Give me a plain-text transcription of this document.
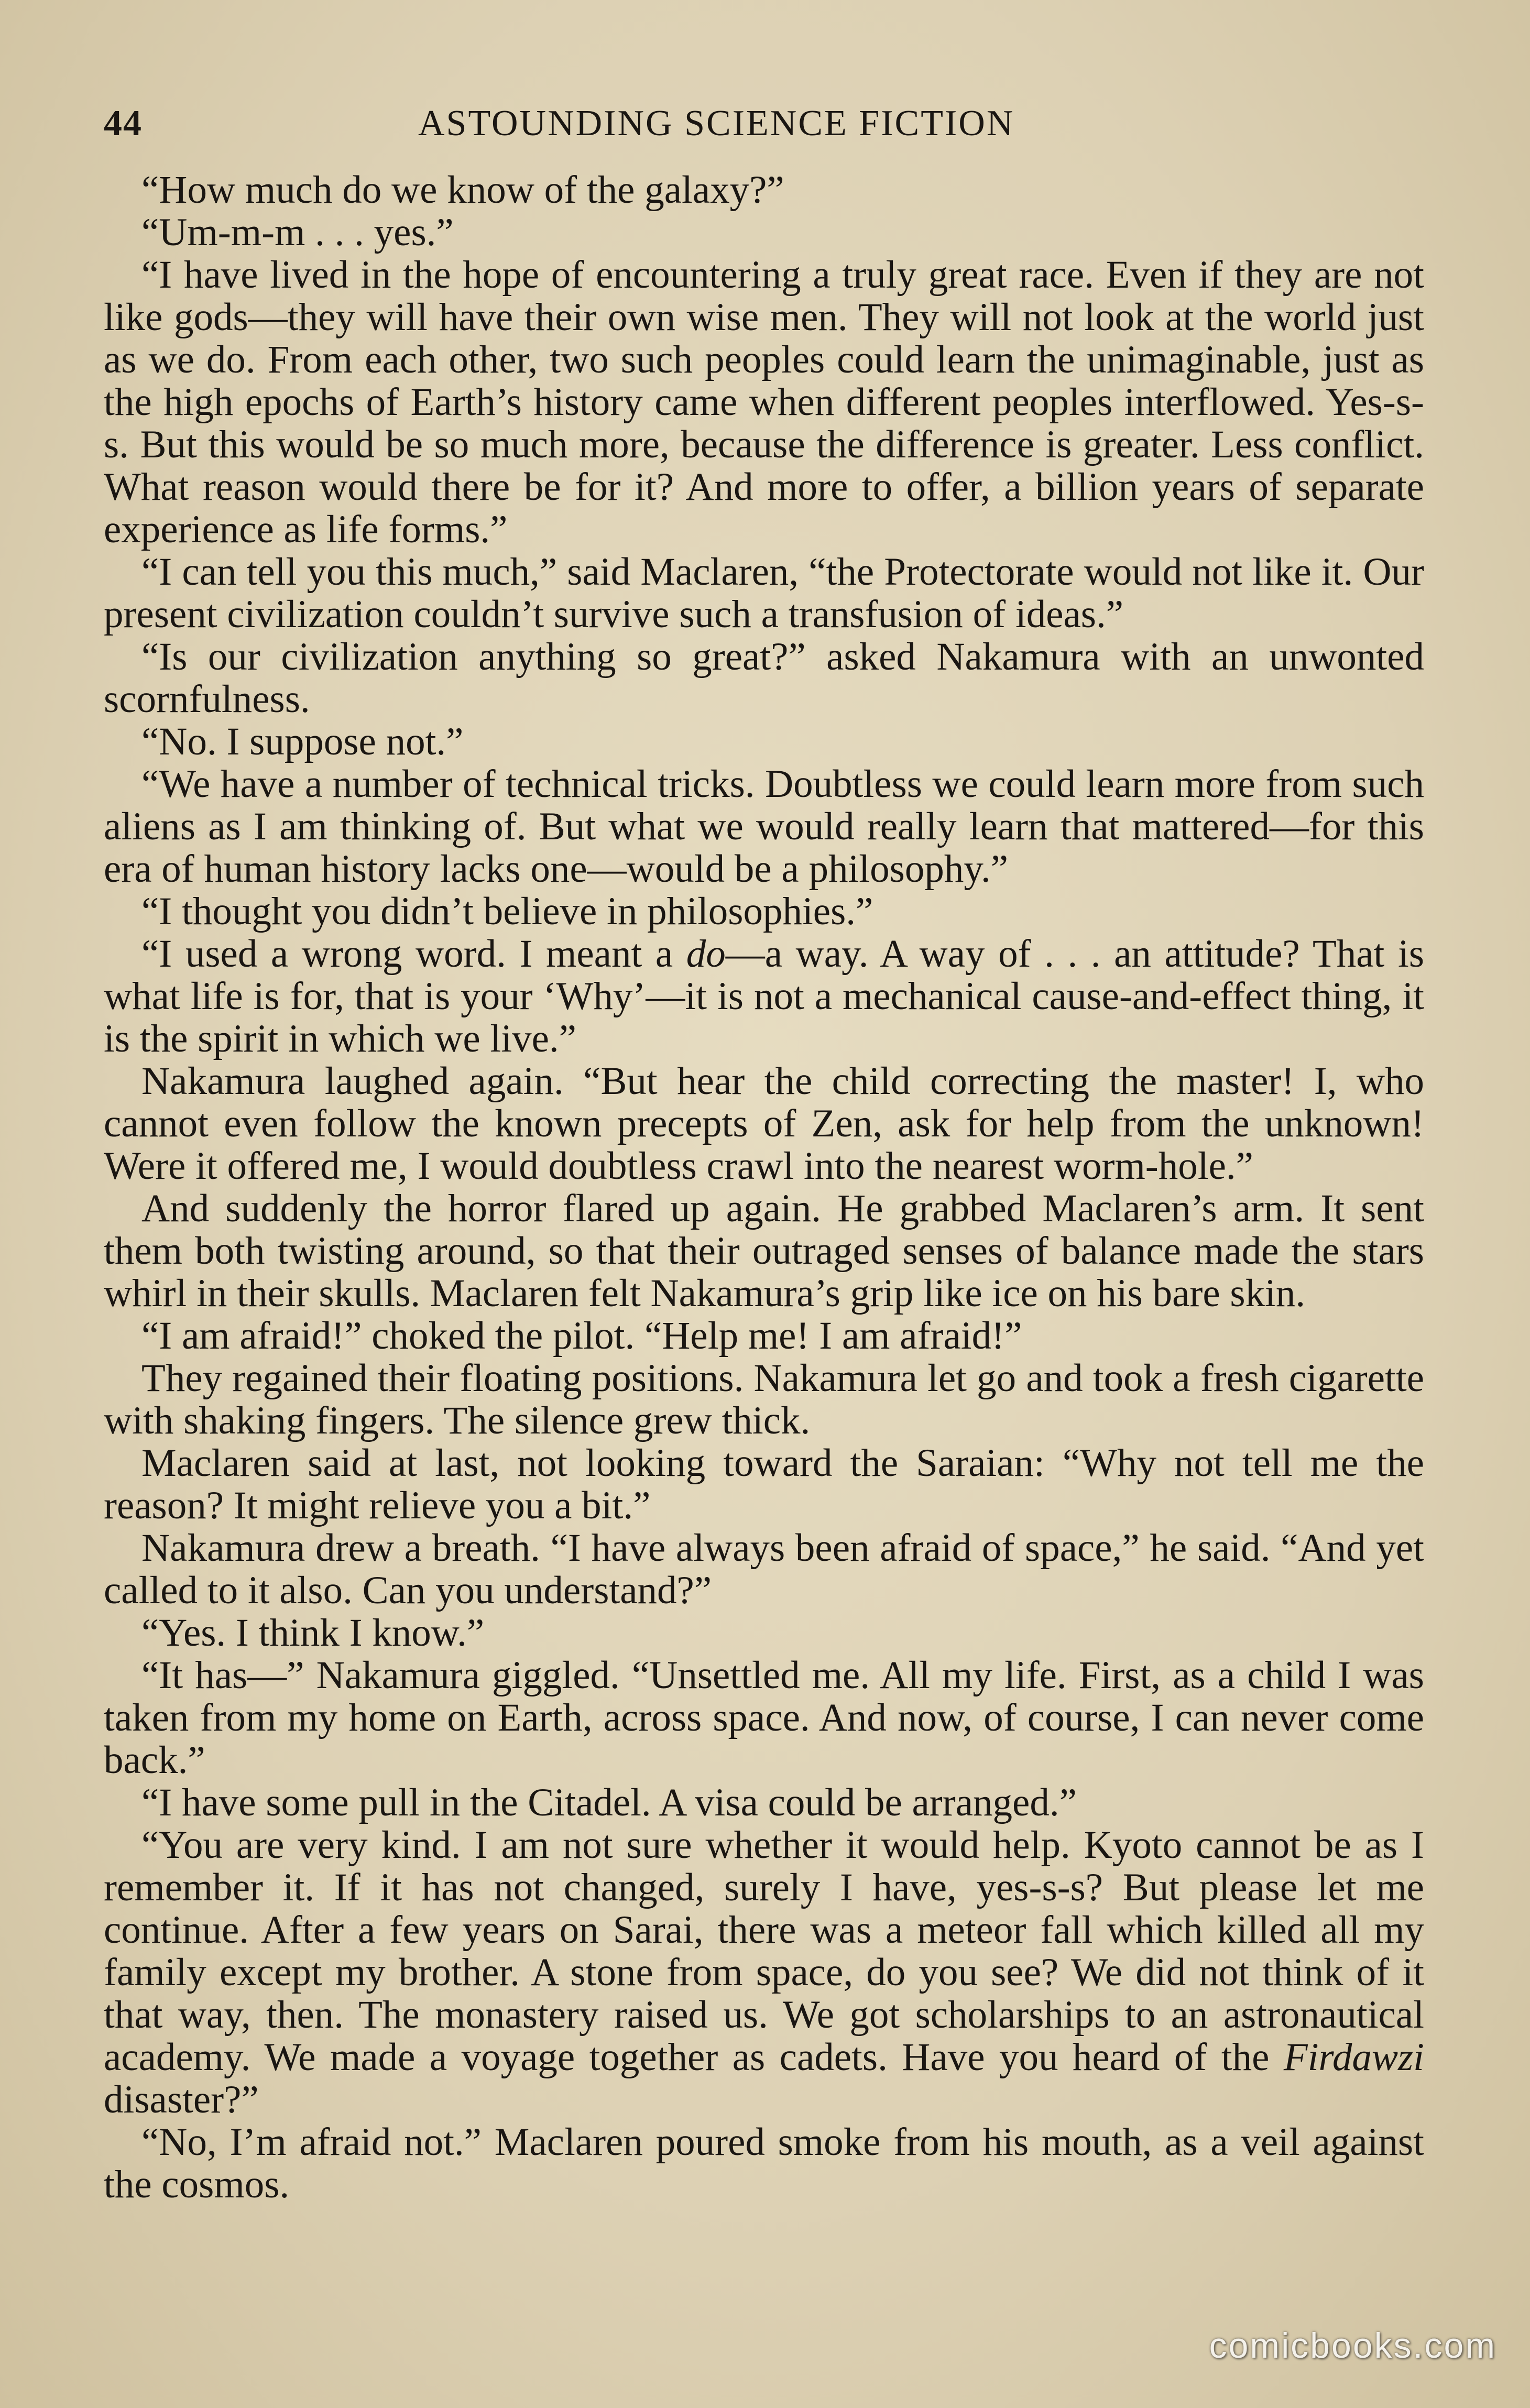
44	ASTOUNDING SCIENCE FICTION

“How much do we know of the galaxy?”

“Um-m-m . . . yes.”

“I have lived in the hope of encountering a truly great race. Even if they are not like gods—they will have their own wise men. They will not look at the world just as we do. From each other, two such peoples could learn the unimaginable, just as the high epochs of Earth’s history came when different peoples interflowed. Yes-s-s. But this would be so much more, because the difference is greater. Less conflict. What reason would there be for it? And more to offer, a billion years of separate experience as life forms.”

“I can tell you this much,” said Maclaren, “the Protectorate would not like it. Our present civilization couldn’t survive such a transfusion of ideas.”

“Is our civilization anything so great?” asked Nakamura with an unwonted scornfulness.

“No. I suppose not.”

“We have a number of technical tricks. Doubtless we could learn more from such aliens as I am thinking of. But what we would really learn that mattered—for this era of human history lacks one—would be a philosophy.”

“I thought you didn’t believe in philosophies.”

“I used a wrong word. I meant a do—a way. A way of . . . an attitude? That is what life is for, that is your ‘Why’—it is not a mechanical cause-and-effect thing, it is the spirit in which we live.”

Nakamura laughed again. “But hear the child correcting the master! I, who cannot even follow the known precepts of Zen, ask for help from the unknown! Were it offered me, I would doubtless crawl into the nearest worm-hole.”

And suddenly the horror flared up again. He grabbed Maclaren’s arm. It sent them both twisting around, so that their outraged senses of balance made the stars whirl in their skulls. Maclaren felt Nakamura’s grip like ice on his bare skin.

“I am afraid!” choked the pilot. “Help me! I am afraid!”

They regained their floating positions. Nakamura let go and took a fresh cigarette with shaking fingers. The silence grew thick.

Maclaren said at last, not looking toward the Saraian: “Why not tell me the reason? It might relieve you a bit.”

Nakamura drew a breath. “I have always been afraid of space,” he said. “And yet called to it also. Can you understand?”

“Yes. I think I know.”

“It has—” Nakamura giggled. “Unsettled me. All my life. First, as a child I was taken from my home on Earth, across space. And now, of course, I can never come back.”

“I have some pull in the Citadel. A visa could be arranged.”

“You are very kind. I am not sure whether it would help. Kyoto cannot be as I remember it. If it has not changed, surely I have, yes-s-s? But please let me continue. After a few years on Sarai, there was a meteor fall which killed all my family except my brother. A stone from space, do you see? We did not think of it that way, then. The monastery raised us. We got scholarships to an astronautical academy. We made a voyage together as cadets. Have you heard of the Firdawzi disaster?”

“No, I’m afraid not.” Maclaren poured smoke from his mouth, as a veil against the cosmos.

comicbooks.com
